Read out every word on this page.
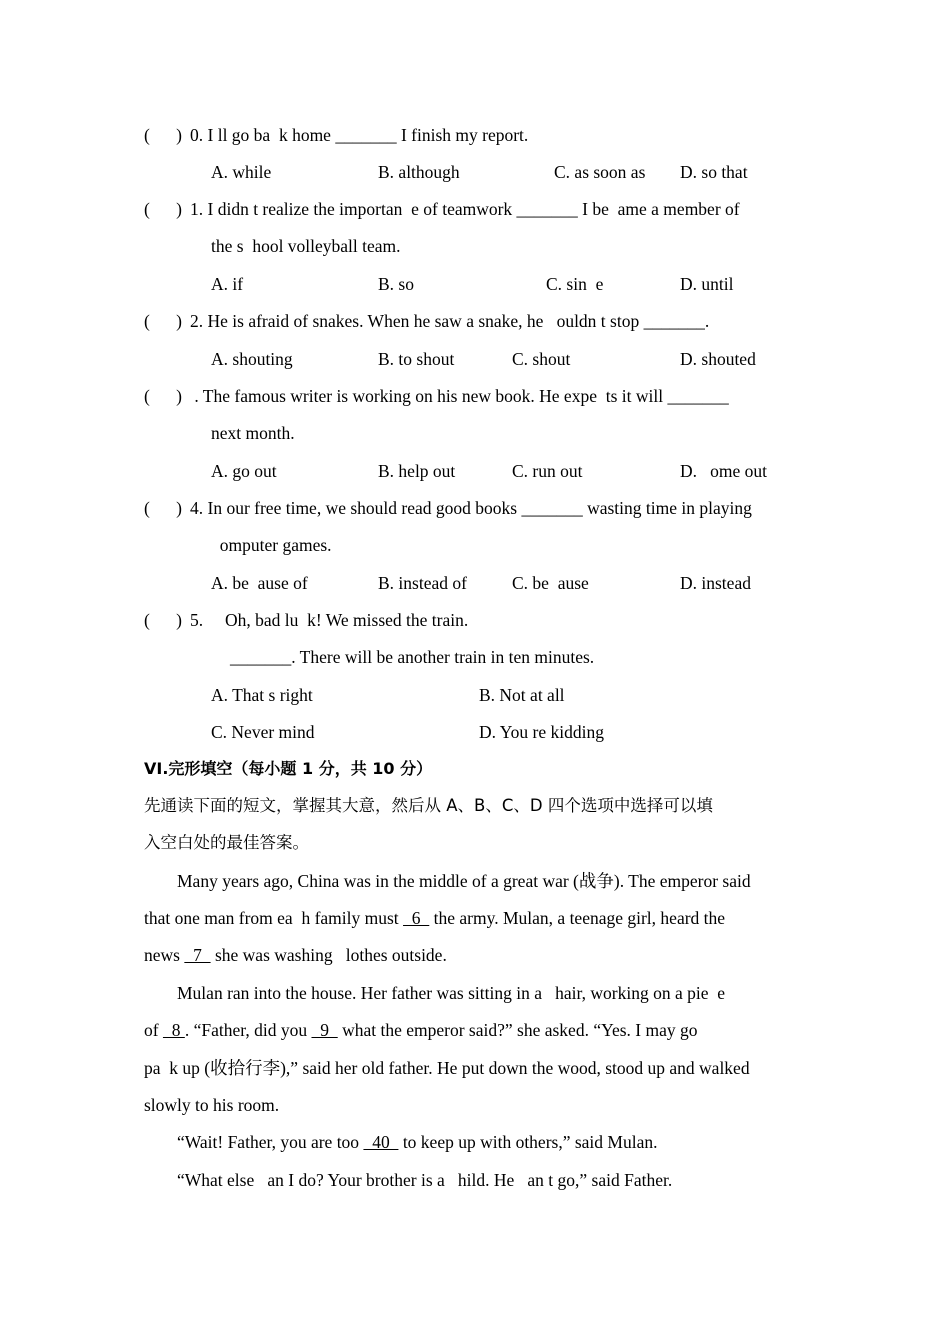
(      ) 0. I ll go ba  k home _______ I finish my report.
A. while	B. although	C. as soon as D. so that
(      ) 1. I didn t realize the importan  e of teamwork _______ I be  ame a member of
the s  hool volleyball team.
A. if	B. so	C. sin  e	D. until
(      ) 2. He is afraid of snakes. When he saw a snake, he   ouldn t stop _______.
A. shouting	B. to shout	C. shout	D. shouted
(      ) . The famous writer is working on his new book. He expe  ts it will _______
next month.
A. go out	B. help out	C. run out	D.   ome out
(      ) 4. In our free time, we should read good books _______ wasting time in playing
omputer games.
A. be  ause of	B. instead of	C. be  ause	D. instead
(      ) 5.     Oh, bad lu  k! We missed the train.
_______. There will be another train in ten minutes.
A. That s right	B. Not at all
C. Never mind	D. You re kidding
VI.完形填空（每小题 1 分，共 10 分）
先通读下面的短文，掌握其大意，然后从 A、B、C、D 四个选项中选择可以填
入空白处的最佳答案。
Many years ago, China was in the middle of a great war (战争). The emperor said
that one man from ea  h family must   6   the army. Mulan, a teenage girl, heard the
news   7   she was washing   lothes outside.
Mulan ran into the house. Her father was sitting in a   hair, working on a pie  e
of   8 . “Father, did you   9   what the emperor said?” she asked. “Yes. I may go
pa  k up (收拾行李),” said her old father. He put down the wood, stood up and walked
slowly to his room.
“Wait! Father, you are too   40   to keep up with others,” said Mulan.
“What else   an I do? Your brother is a   hild. He   an t go,” said Father.
